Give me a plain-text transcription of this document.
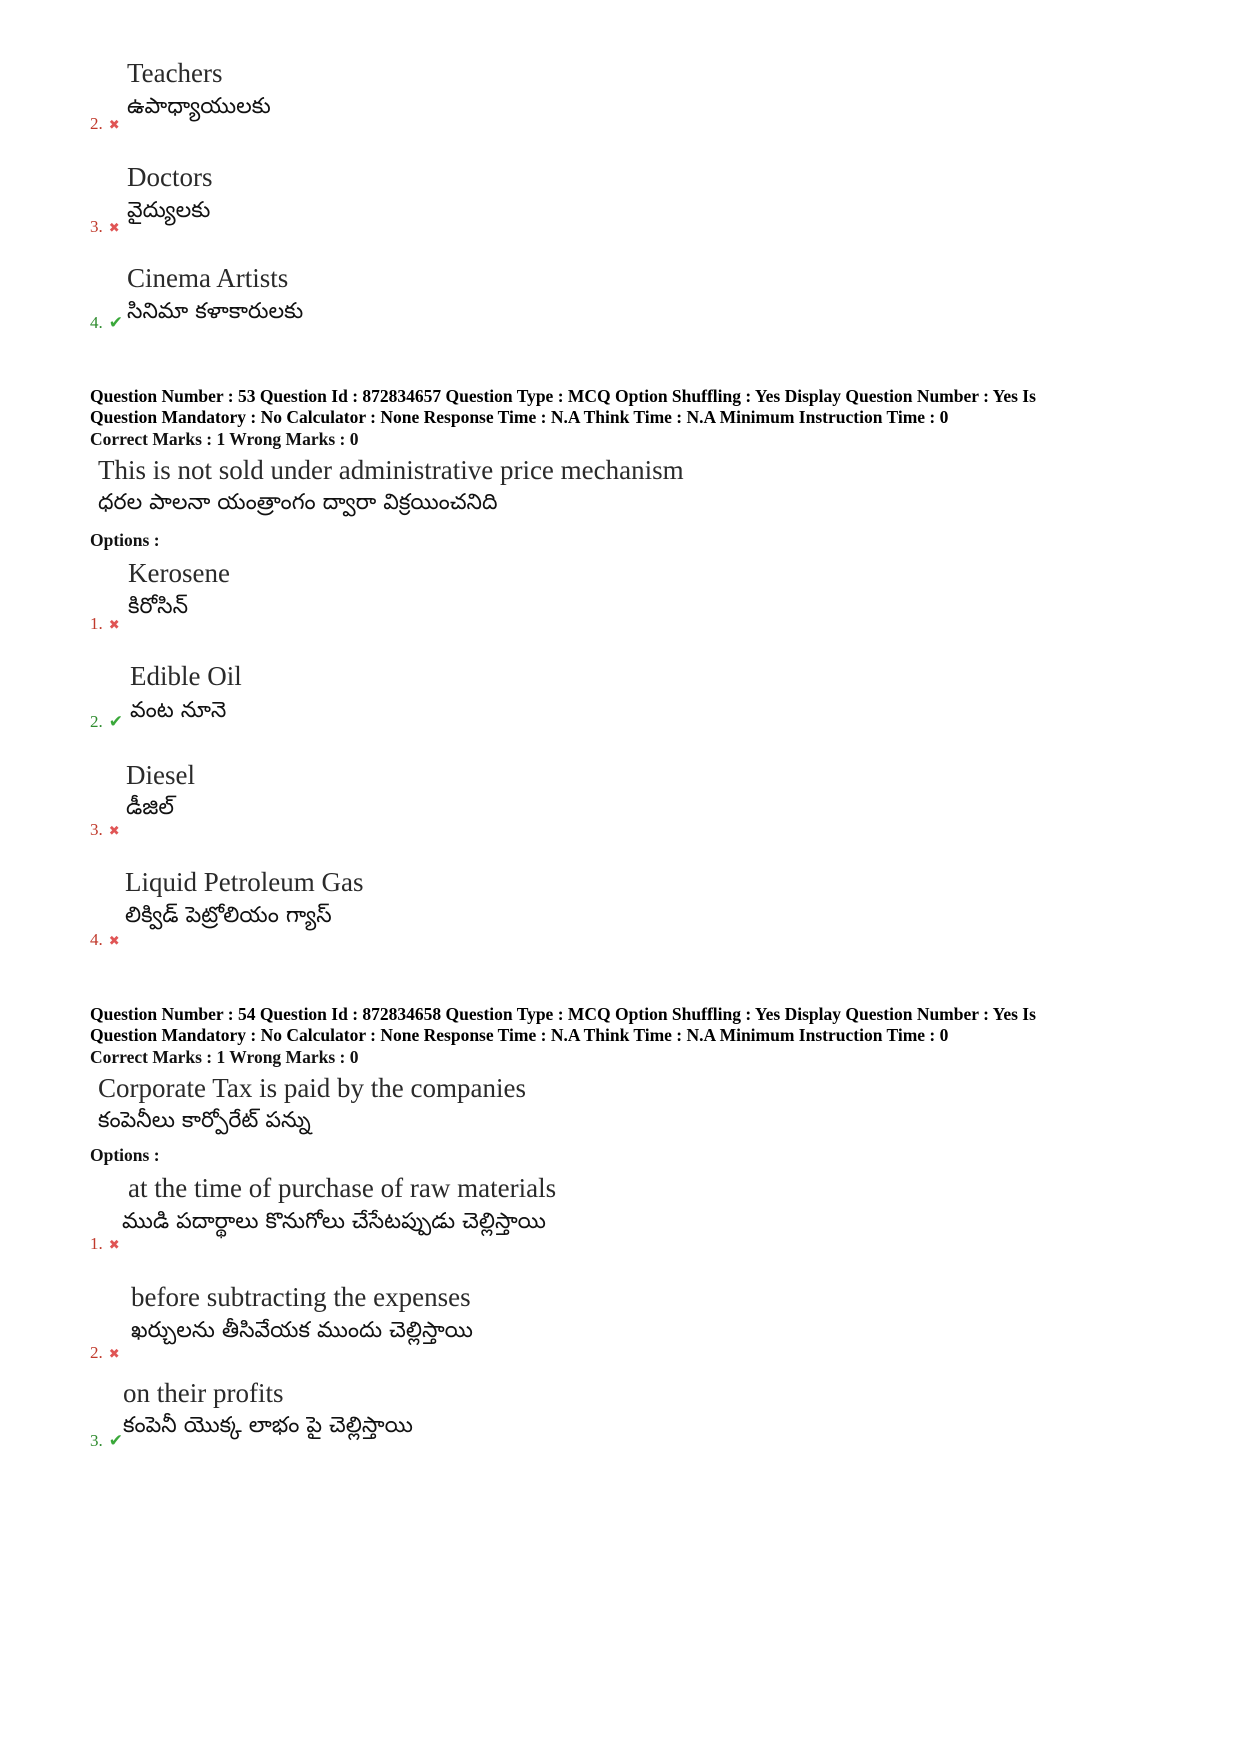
Teachers
ఉపాధ్యాయులకు
2. ✖
Doctors
వైద్యులకు
3. ✖
Cinema Artists
సినిమా కళాకారులకు
4. ✔
Question Number : 53 Question Id : 872834657 Question Type : MCQ Option Shuffling : Yes Display Question Number : Yes Is
Question Mandatory : No Calculator : None Response Time : N.A Think Time : N.A Minimum Instruction Time : 0
Correct Marks : 1 Wrong Marks : 0
This is not sold under administrative price mechanism
ధరల పాలనా యంత్రాంగం ద్వారా విక్రయించనిది
Options :
Kerosene
కిరోసిన్
1. ✖
Edible Oil
వంట నూనె
2. ✔
Diesel
డీజిల్
3. ✖
Liquid Petroleum Gas
లిక్విడ్ పెట్రోలియం గ్యాస్
4. ✖
Question Number : 54 Question Id : 872834658 Question Type : MCQ Option Shuffling : Yes Display Question Number : Yes Is
Question Mandatory : No Calculator : None Response Time : N.A Think Time : N.A Minimum Instruction Time : 0
Correct Marks : 1 Wrong Marks : 0
Corporate Tax is paid by the companies
కంపెనీలు కార్పోరేట్ పన్ను
Options :
at the time of purchase of raw materials
ముడి పదార్థాలు కొనుగోలు చేసేటప్పుడు చెల్లిస్తాయి
1. ✖
before subtracting the expenses
ఖర్చులను తీసివేయక ముందు చెల్లిస్తాయి
2. ✖
on their profits
కంపెనీ యొక్క లాభం పై చెల్లిస్తాయి
3. ✔
